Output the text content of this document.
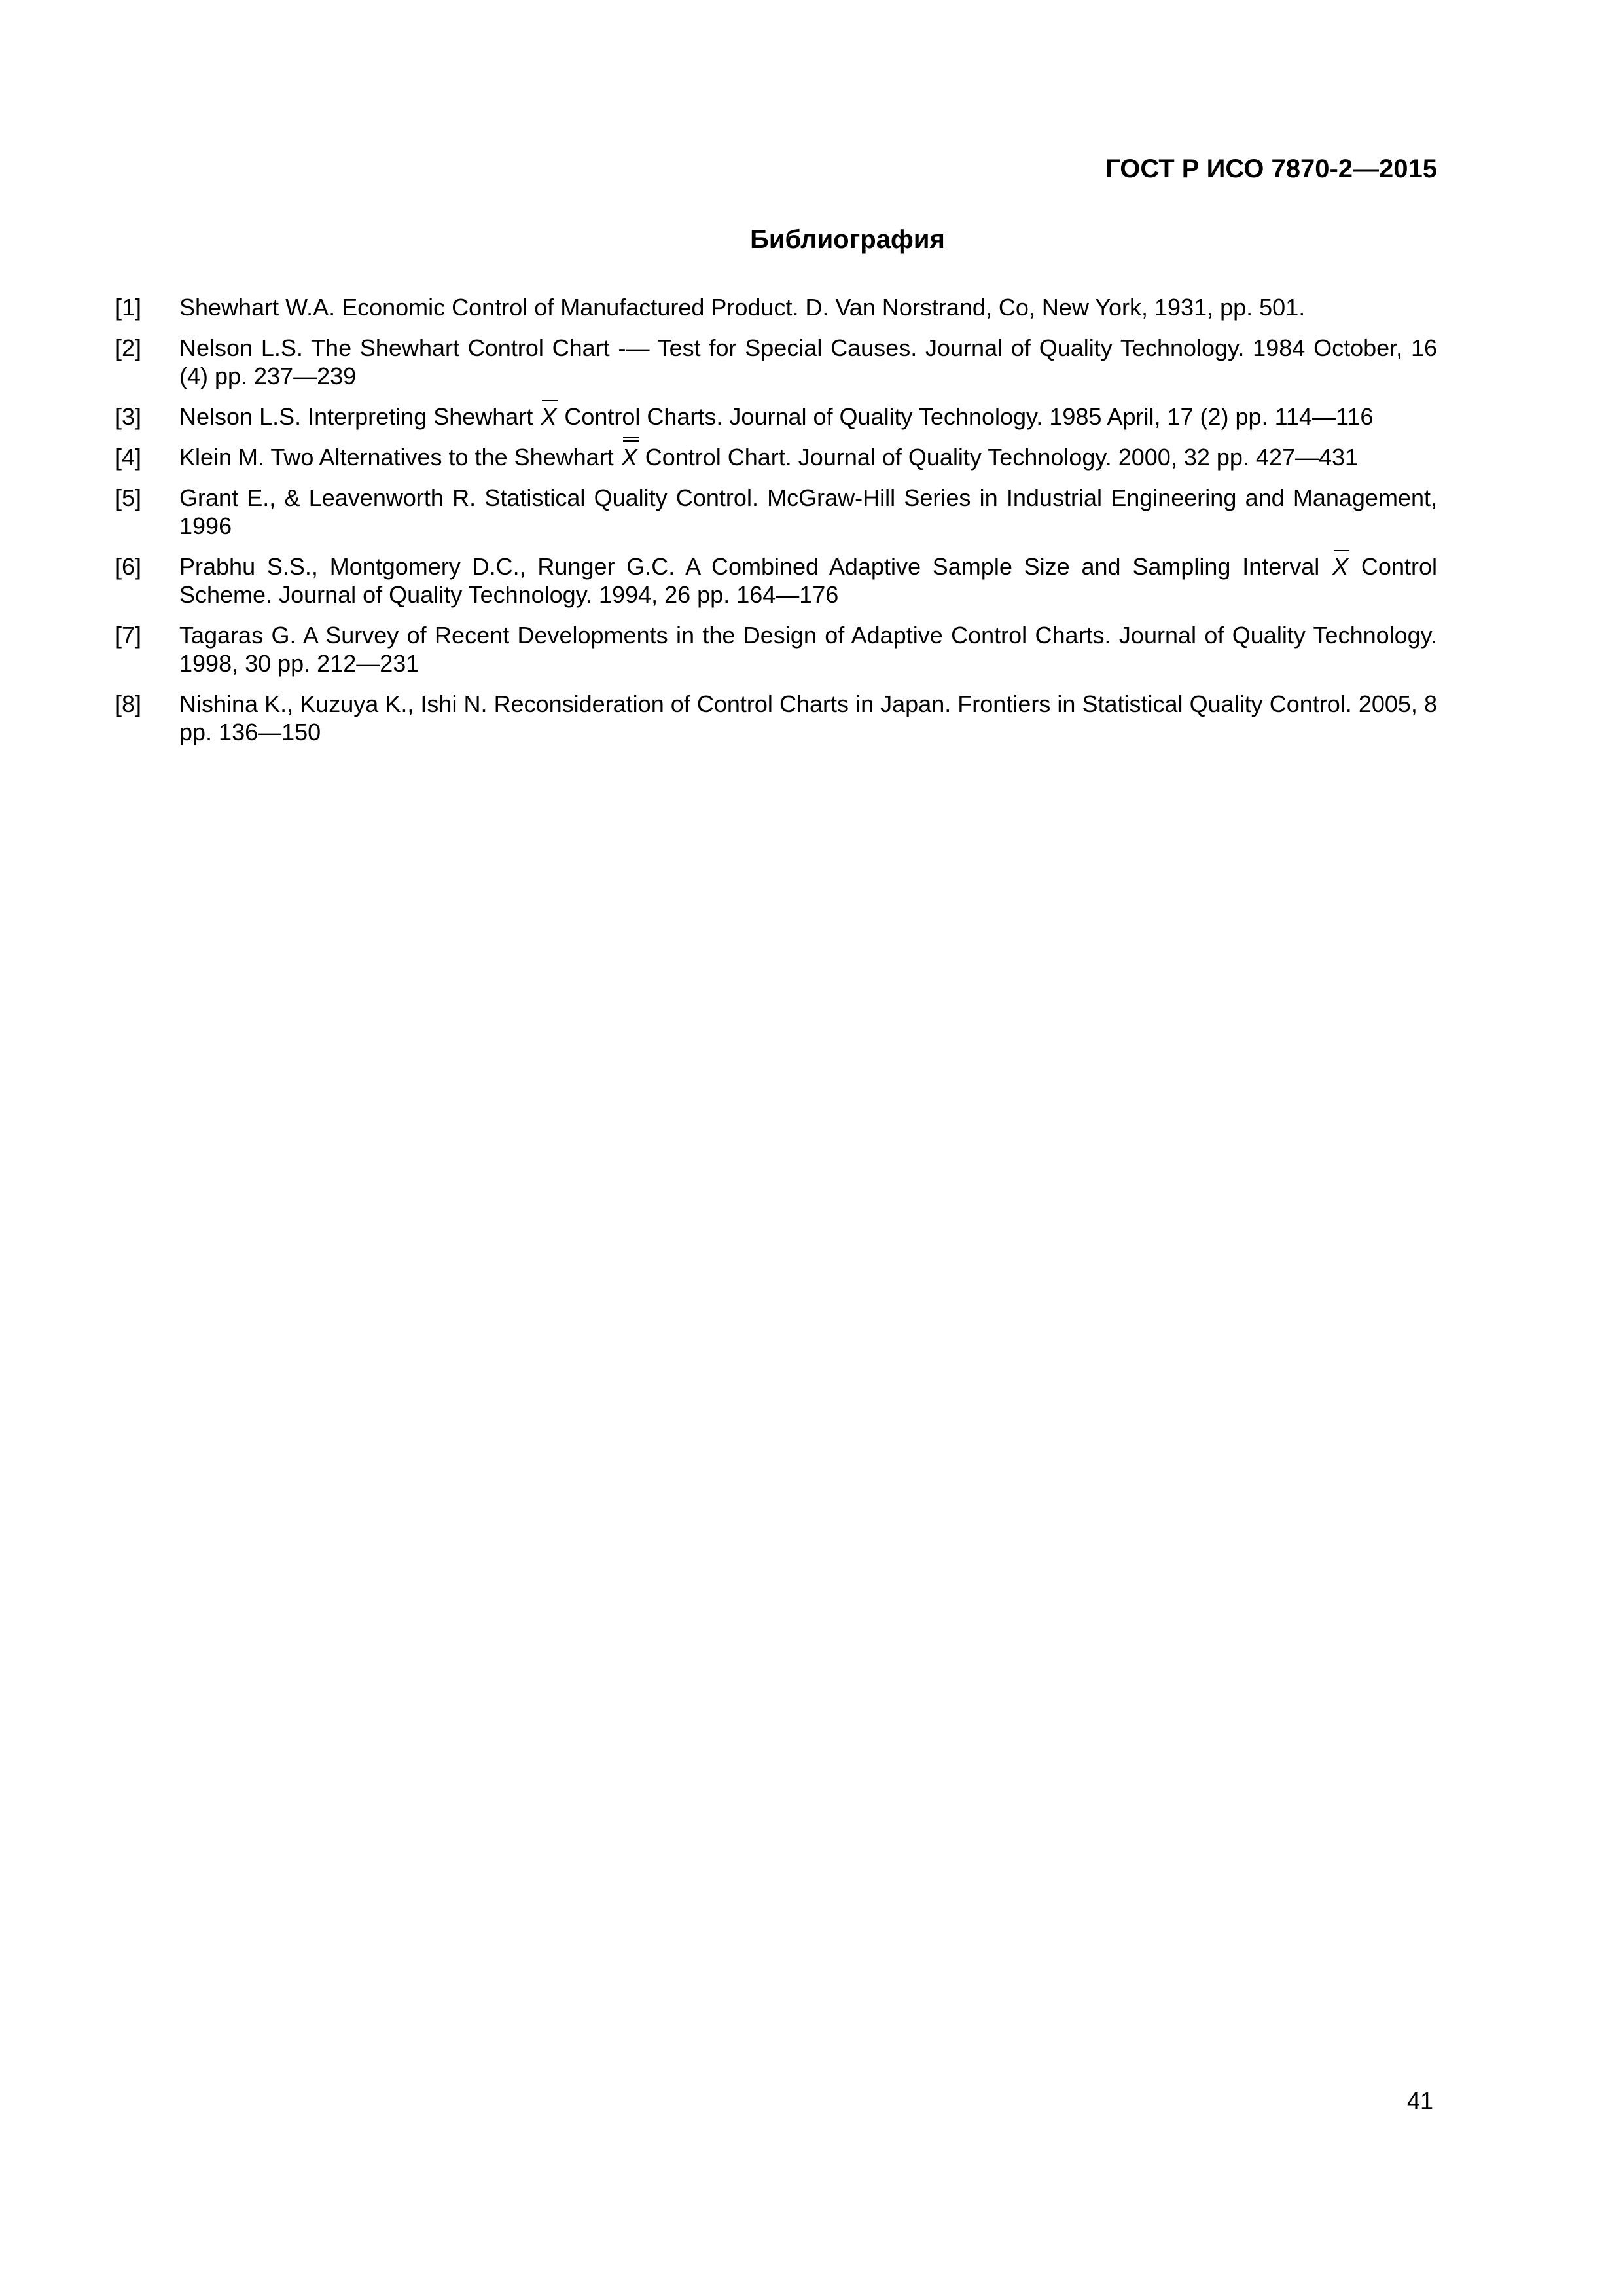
ГОСТ Р ИСО 7870-2—2015
Библиография
[1]	Shewhart W.A. Economic Control of Manufactured Product. D. Van Norstrand, Co, New York, 1931, pp. 501.
[2]	Nelson L.S. The Shewhart Control Chart -— Test for Special Causes. Journal of Quality Technology. 1984 October, 16 (4) pp. 237—239
[3]	Nelson L.S. Interpreting Shewhart X Control Charts. Journal of Quality Technology. 1985 April, 17 (2) pp. 114—116
[4]	Klein M. Two Alternatives to the Shewhart X Control Chart. Journal of Quality Technology. 2000, 32 pp. 427—431
[5]	Grant E., & Leavenworth R. Statistical Quality Control. McGraw-Hill Series in Industrial Engineering and Management, 1996
[6]	Prabhu S.S., Montgomery D.C., Runger G.C. A Combined Adaptive Sample Size and Sampling Interval X Control Scheme. Journal of Quality Technology. 1994, 26 pp. 164—176
[7]	Tagaras G. A Survey of Recent Developments in the Design of Adaptive Control Charts. Journal of Quality Technology. 1998, 30 pp. 212—231
[8]	Nishina K., Kuzuya K., Ishi N. Reconsideration of Control Charts in Japan. Frontiers in Statistical Quality Control. 2005, 8 pp. 136—150
41
